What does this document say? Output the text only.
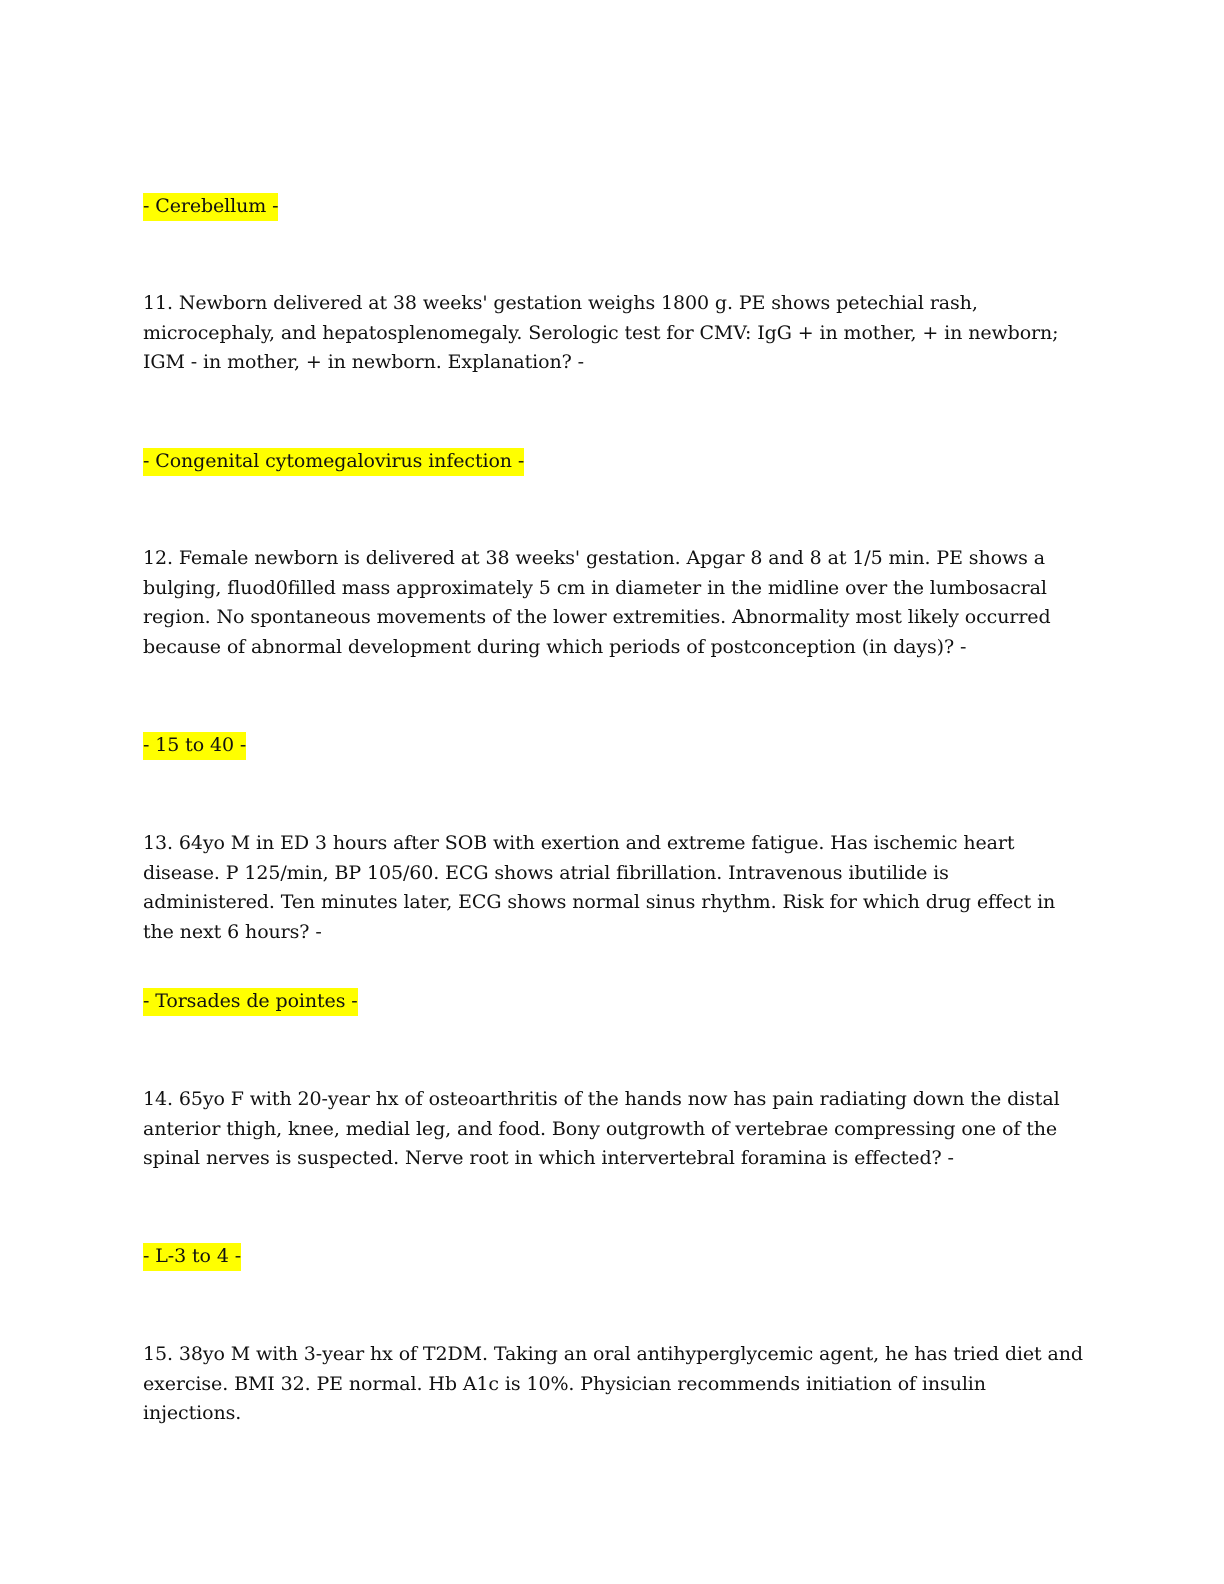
- Cerebellum -

11. Newborn delivered at 38 weeks' gestation weighs 1800 g. PE shows petechial rash, microcephaly, and hepatosplenomegaly. Serologic test for CMV: IgG + in mother, + in newborn; IGM - in mother, + in newborn. Explanation? -

- Congenital cytomegalovirus infection -

12. Female newborn is delivered at 38 weeks' gestation. Apgar 8 and 8 at 1/5 min. PE shows a bulging, fluod0filled mass approximately 5 cm in diameter in the midline over the lumbosacral region. No spontaneous movements of the lower extremities. Abnormality most likely occurred because of abnormal development during which periods of postconception (in days)? -

- 15 to 40 -

13. 64yo M in ED 3 hours after SOB with exertion and extreme fatigue. Has ischemic heart disease. P 125/min, BP 105/60. ECG shows atrial fibrillation. Intravenous ibutilide is administered. Ten minutes later, ECG shows normal sinus rhythm. Risk for which drug effect in the next 6 hours? -

- Torsades de pointes -

14. 65yo F with 20-year hx of osteoarthritis of the hands now has pain radiating down the distal anterior thigh, knee, medial leg, and food. Bony outgrowth of vertebrae compressing one of the spinal nerves is suspected. Nerve root in which intervertebral foramina is effected? -

- L-3 to 4 -

15. 38yo M with 3-year hx of T2DM. Taking an oral antihyperglycemic agent, he has tried diet and exercise. BMI 32. PE normal. Hb A1c is 10%. Physician recommends initiation of insulin injections.
